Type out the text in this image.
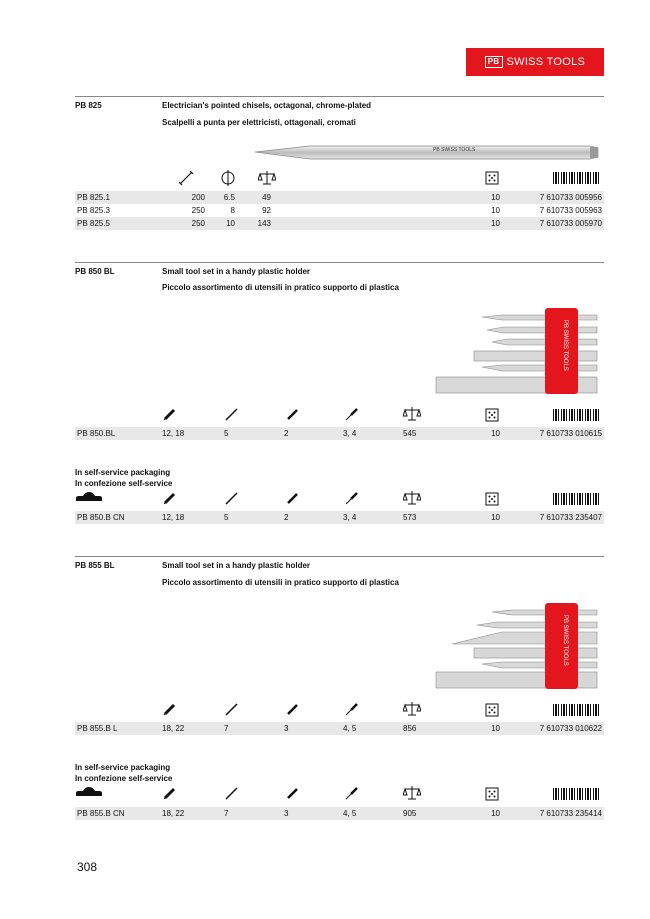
PB SWISS TOOLS
PB 825	Electrician's pointed chisels, octagonal, chrome-plated
Scalpelli a punta per elettricisti, ottagonali, cromati
PB SWISS TOOLS
PB 825.1	200	6.5	49	10	7 610733 005956
PB 825.3	250	8	92	10	7 610733 005963
PB 825.5	250	10	143	10	7 610733 005970
PB 850 BL	Small tool set in a handy plastic holder
Piccolo assortimento di utensili in pratico supporto di plastica
PB SWISS TOOLS
PB 850.BL	12, 18	5	2	3, 4	545	10	7 610733 010615
In self-service packaging
In confezione self-service
PB 850.B CN	12, 18	5	2	3, 4	573	10	7 610733 235407
PB 855 BL	Small tool set in a handy plastic holder
Piccolo assortimento di utensili in pratico supporto di plastica
PB SWISS TOOLS
PB 855.B L	18, 22	7	3	4, 5	856	10	7 610733 010622
In self-service packaging
In confezione self-service
PB 855.B CN	18, 22	7	3	4, 5	905	10	7 610733 235414
308
